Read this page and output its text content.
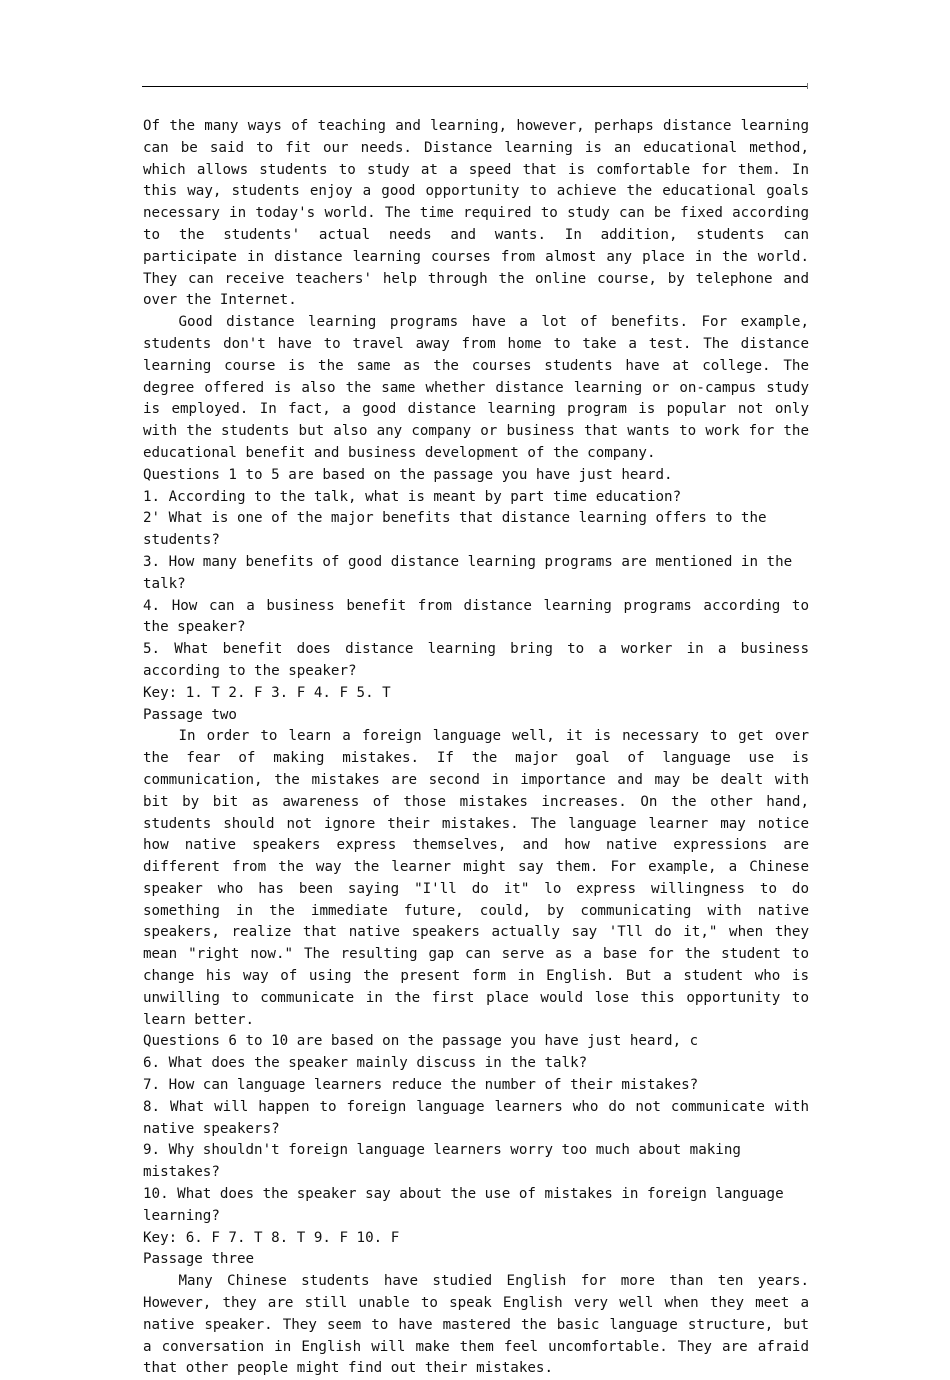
Of the many ways of teaching and learning, however, perhaps distance learning can be said to fit our needs. Distance learning is an educational method, which allows students to study at a speed that is comfortable for them. In this way, students enjoy a good opportunity to achieve the educational goals necessary in today's world. The time required to study can be fixed according to the students' actual needs and wants. In addition, students can participate in distance learning courses from almost any place in the world. They can receive teachers' help through the online course, by telephone and over the Internet.

Good distance learning programs have a lot of benefits. For example, students don't have to travel away from home to take a test. The distance learning course is the same as the courses students have at college. The degree offered is also the same whether distance learning or on-campus study is employed. In fact, a good distance learning program is popular not only with the students but also any company or business that wants to work for the educational benefit and business development of the company.

Questions 1 to 5 are based on the passage you have just heard.

1. According to the talk, what is meant by part time education?

2' What is one of the major benefits that distance learning offers to the students?

3. How many benefits of good distance learning programs are mentioned in the talk?

4. How can a business benefit from distance learning programs according to the speaker?

5. What benefit does distance learning bring to a worker in a business according to the speaker?

Key: 1. T 2. F 3. F 4. F 5. T

Passage two

In order to learn a foreign language well, it is necessary to get over the fear of making mistakes. If the major goal of language use is communication, the mistakes are second in importance and may be dealt with bit by bit as awareness of those mistakes increases. On the other hand, students should not ignore their mistakes. The language learner may notice how native speakers express themselves, and how native expressions are different from the way the learner might say them. For example, a Chinese speaker who has been saying "I'll do it" lo express willingness to do something in the immediate future, could, by communicating with native speakers, realize that native speakers actually say 'Tll do it," when they mean "right now." The resulting gap can serve as a base for the student to change his way of using the present form in English. But a student who is unwilling to communicate in the first place would lose this opportunity to learn better.

Questions 6 to 10 are based on the passage you have just heard, c

6. What does the speaker mainly discuss in the talk?

7. How can language learners reduce the number of their mistakes?

8. What will happen to foreign language learners who do not communicate with native speakers?

9. Why shouldn't foreign language learners worry too much about making mistakes?

10. What does the speaker say about the use of mistakes in foreign language learning?

Key: 6. F 7. T 8. T 9. F 10. F

Passage three

Many Chinese students have studied English for more than ten years. However, they are still unable to speak English very well when they meet a native speaker. They seem to have mastered the basic language structure, but a conversation in English will make them feel uncomfortable. They are afraid that other people might find out their mistakes.
